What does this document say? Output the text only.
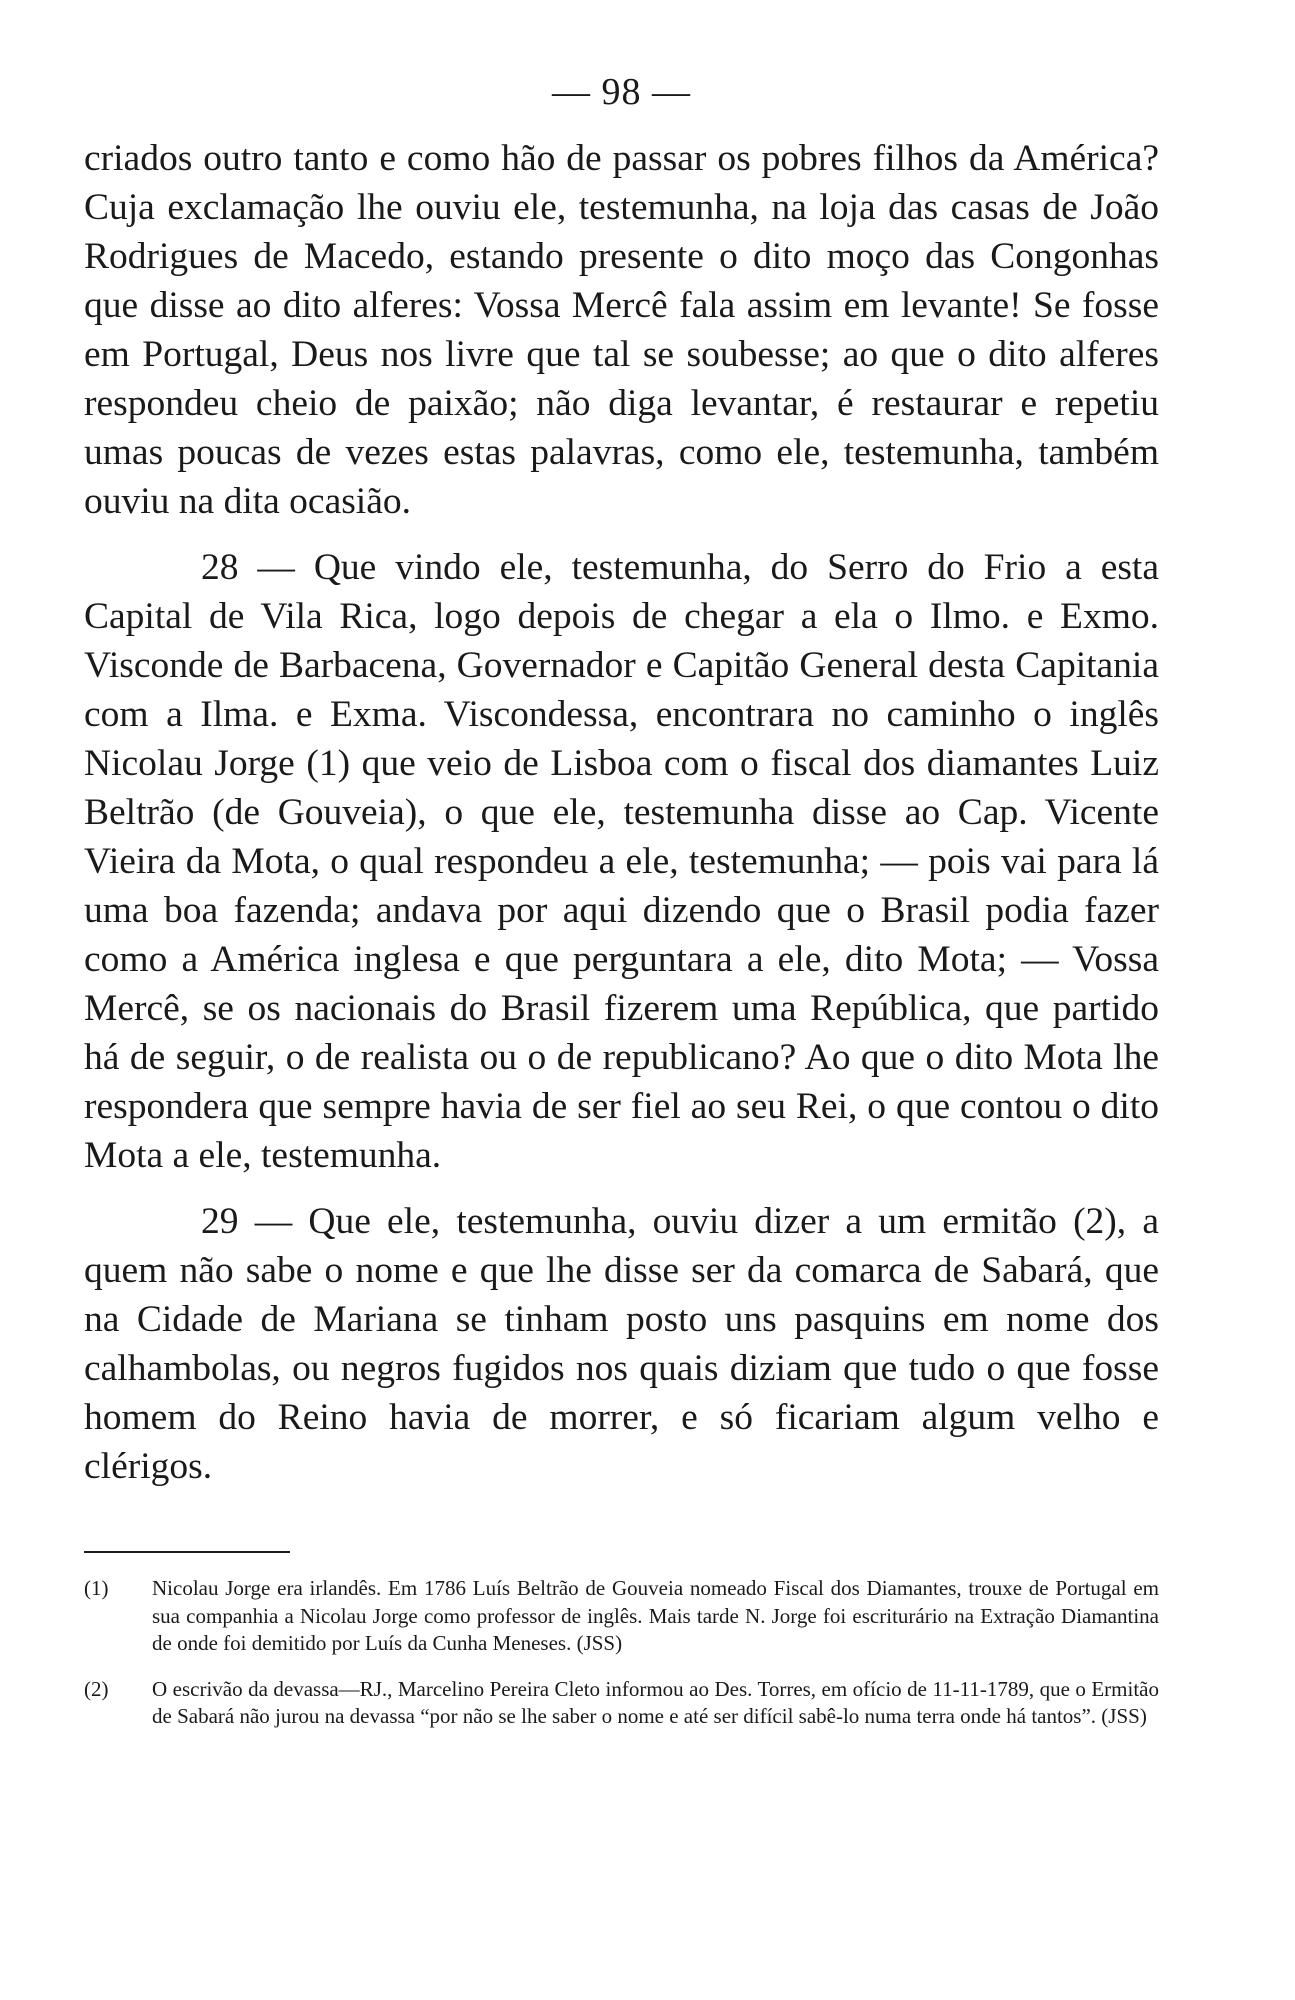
— 98 —

criados outro tanto e como hão de passar os pobres filhos da América? Cuja exclamação lhe ouviu ele, testemunha, na loja das casas de João Rodrigues de Macedo, estando presente o dito moço das Congonhas que disse ao dito alferes: Vossa Mercê fala assim em levante! Se fosse em Portugal, Deus nos livre que tal se soubesse; ao que o dito alferes respondeu cheio de paixão; não diga levantar, é restaurar e repetiu umas poucas de vezes estas palavras, como ele, testemunha, também ouviu na dita ocasião.

28 — Que vindo ele, testemunha, do Serro do Frio a esta Capital de Vila Rica, logo depois de chegar a ela o Ilmo. e Exmo. Visconde de Barbacena, Governador e Capitão General desta Capitania com a Ilma. e Exma. Viscondessa, encontrara no caminho o inglês Nicolau Jorge (1) que veio de Lisboa com o fiscal dos diamantes Luiz Beltrão (de Gouveia), o que ele, testemunha disse ao Cap. Vicente Vieira da Mota, o qual respondeu a ele, testemunha; — pois vai para lá uma boa fazenda; andava por aqui dizendo que o Brasil podia fazer como a América inglesa e que perguntara a ele, dito Mota; — Vossa Mercê, se os nacionais do Brasil fizerem uma República, que partido há de seguir, o de realista ou o de republicano? Ao que o dito Mota lhe respondera que sempre havia de ser fiel ao seu Rei, o que contou o dito Mota a ele, testemunha.

29 — Que ele, testemunha, ouviu dizer a um ermitão (2), a quem não sabe o nome e que lhe disse ser da comarca de Sabará, que na Cidade de Mariana se tinham posto uns pasquins em nome dos calhambolas, ou negros fugidos nos quais diziam que tudo o que fosse homem do Reino havia de morrer, e só ficariam algum velho e clérigos.

(1)	Nicolau Jorge era irlandês. Em 1786 Luís Beltrão de Gouveia nomeado Fiscal dos Diamantes, trouxe de Portugal em sua companhia a Nicolau Jorge como professor de inglês. Mais tarde N. Jorge foi escriturário na Extração Diamantina de onde foi demitido por Luís da Cunha Meneses. (JSS)
(2)	O escrivão da devassa—RJ., Marcelino Pereira Cleto informou ao Des. Torres, em ofício de 11-11-1789, que o Ermitão de Sabará não jurou na devassa “por não se lhe saber o nome e até ser difícil sabê-lo numa terra onde há tantos”. (JSS)
